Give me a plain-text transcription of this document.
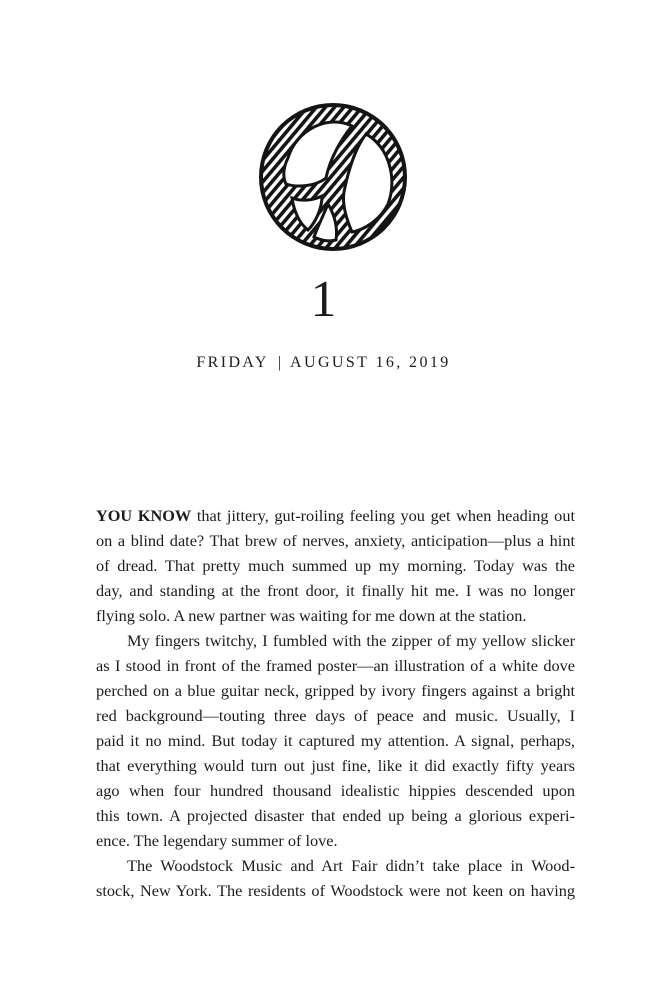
1
FRIDAY | AUGUST 16, 2019
YOU KNOW that jittery, gut-roiling feeling you get when heading out
on a blind date? That brew of nerves, anxiety, anticipation—plus a hint
of dread. That pretty much summed up my morning. Today was the
day, and standing at the front door, it finally hit me. I was no longer
flying solo. A new partner was waiting for me down at the station.
My fingers twitchy, I fumbled with the zipper of my yellow slicker
as I stood in front of the framed poster—an illustration of a white dove
perched on a blue guitar neck, gripped by ivory fingers against a bright
red background—touting three days of peace and music. Usually, I
paid it no mind. But today it captured my attention. A signal, perhaps,
that everything would turn out just fine, like it did exactly fifty years
ago when four hundred thousand idealistic hippies descended upon
this town. A projected disaster that ended up being a glorious experi-
ence. The legendary summer of love.
The Woodstock Music and Art Fair didn’t take place in Wood-
stock, New York. The residents of Woodstock were not keen on having
